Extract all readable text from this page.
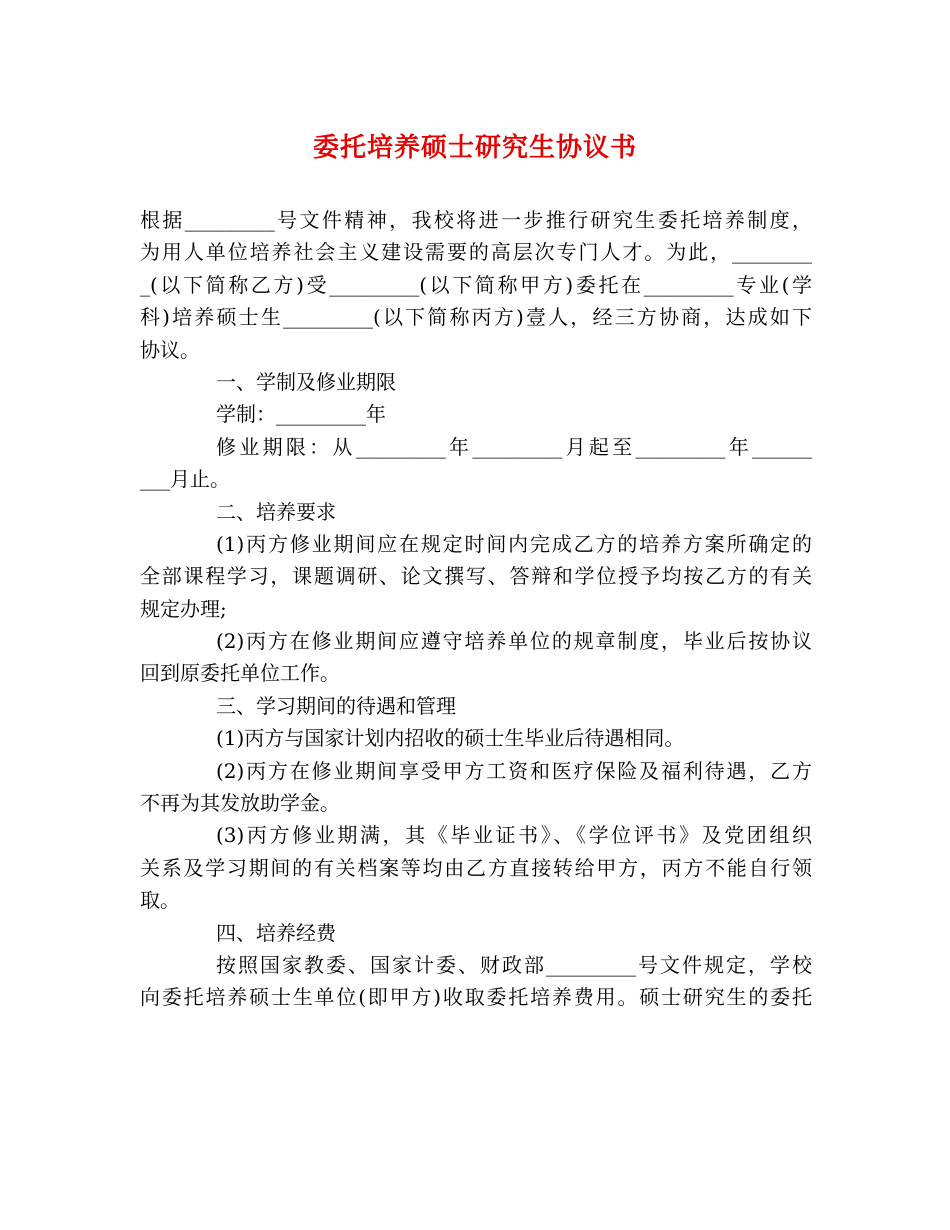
委托培养硕士研究生协议书
根据_________号文件精神，我校将进一步推行研究生委托培养制度，
为用人单位培养社会主义建设需要的高层次专门人才。为此，________
_(以下简称乙方)受_________(以下简称甲方)委托在_________专业(学
科)培养硕士生_________(以下简称丙方)壹人，经三方协商，达成如下
协议。
一、学制及修业期限
学制：_________年
修业期限：从_________年_________月起至_________年______
___月止。
二、培养要求
(1)丙方修业期间应在规定时间内完成乙方的培养方案所确定的
全部课程学习，课题调研、论文撰写、答辩和学位授予均按乙方的有关
规定办理;
(2)丙方在修业期间应遵守培养单位的规章制度，毕业后按协议
回到原委托单位工作。
三、学习期间的待遇和管理
(1)丙方与国家计划内招收的硕士生毕业后待遇相同。
(2)丙方在修业期间享受甲方工资和医疗保险及福利待遇，乙方
不再为其发放助学金。
(3)丙方修业期满，其《毕业证书》、《学位评书》及党团组织
关系及学习期间的有关档案等均由乙方直接转给甲方，丙方不能自行领
取。
四、培养经费
按照国家教委、国家计委、财政部_________号文件规定，学校
向委托培养硕士生单位(即甲方)收取委托培养费用。硕士研究生的委托
